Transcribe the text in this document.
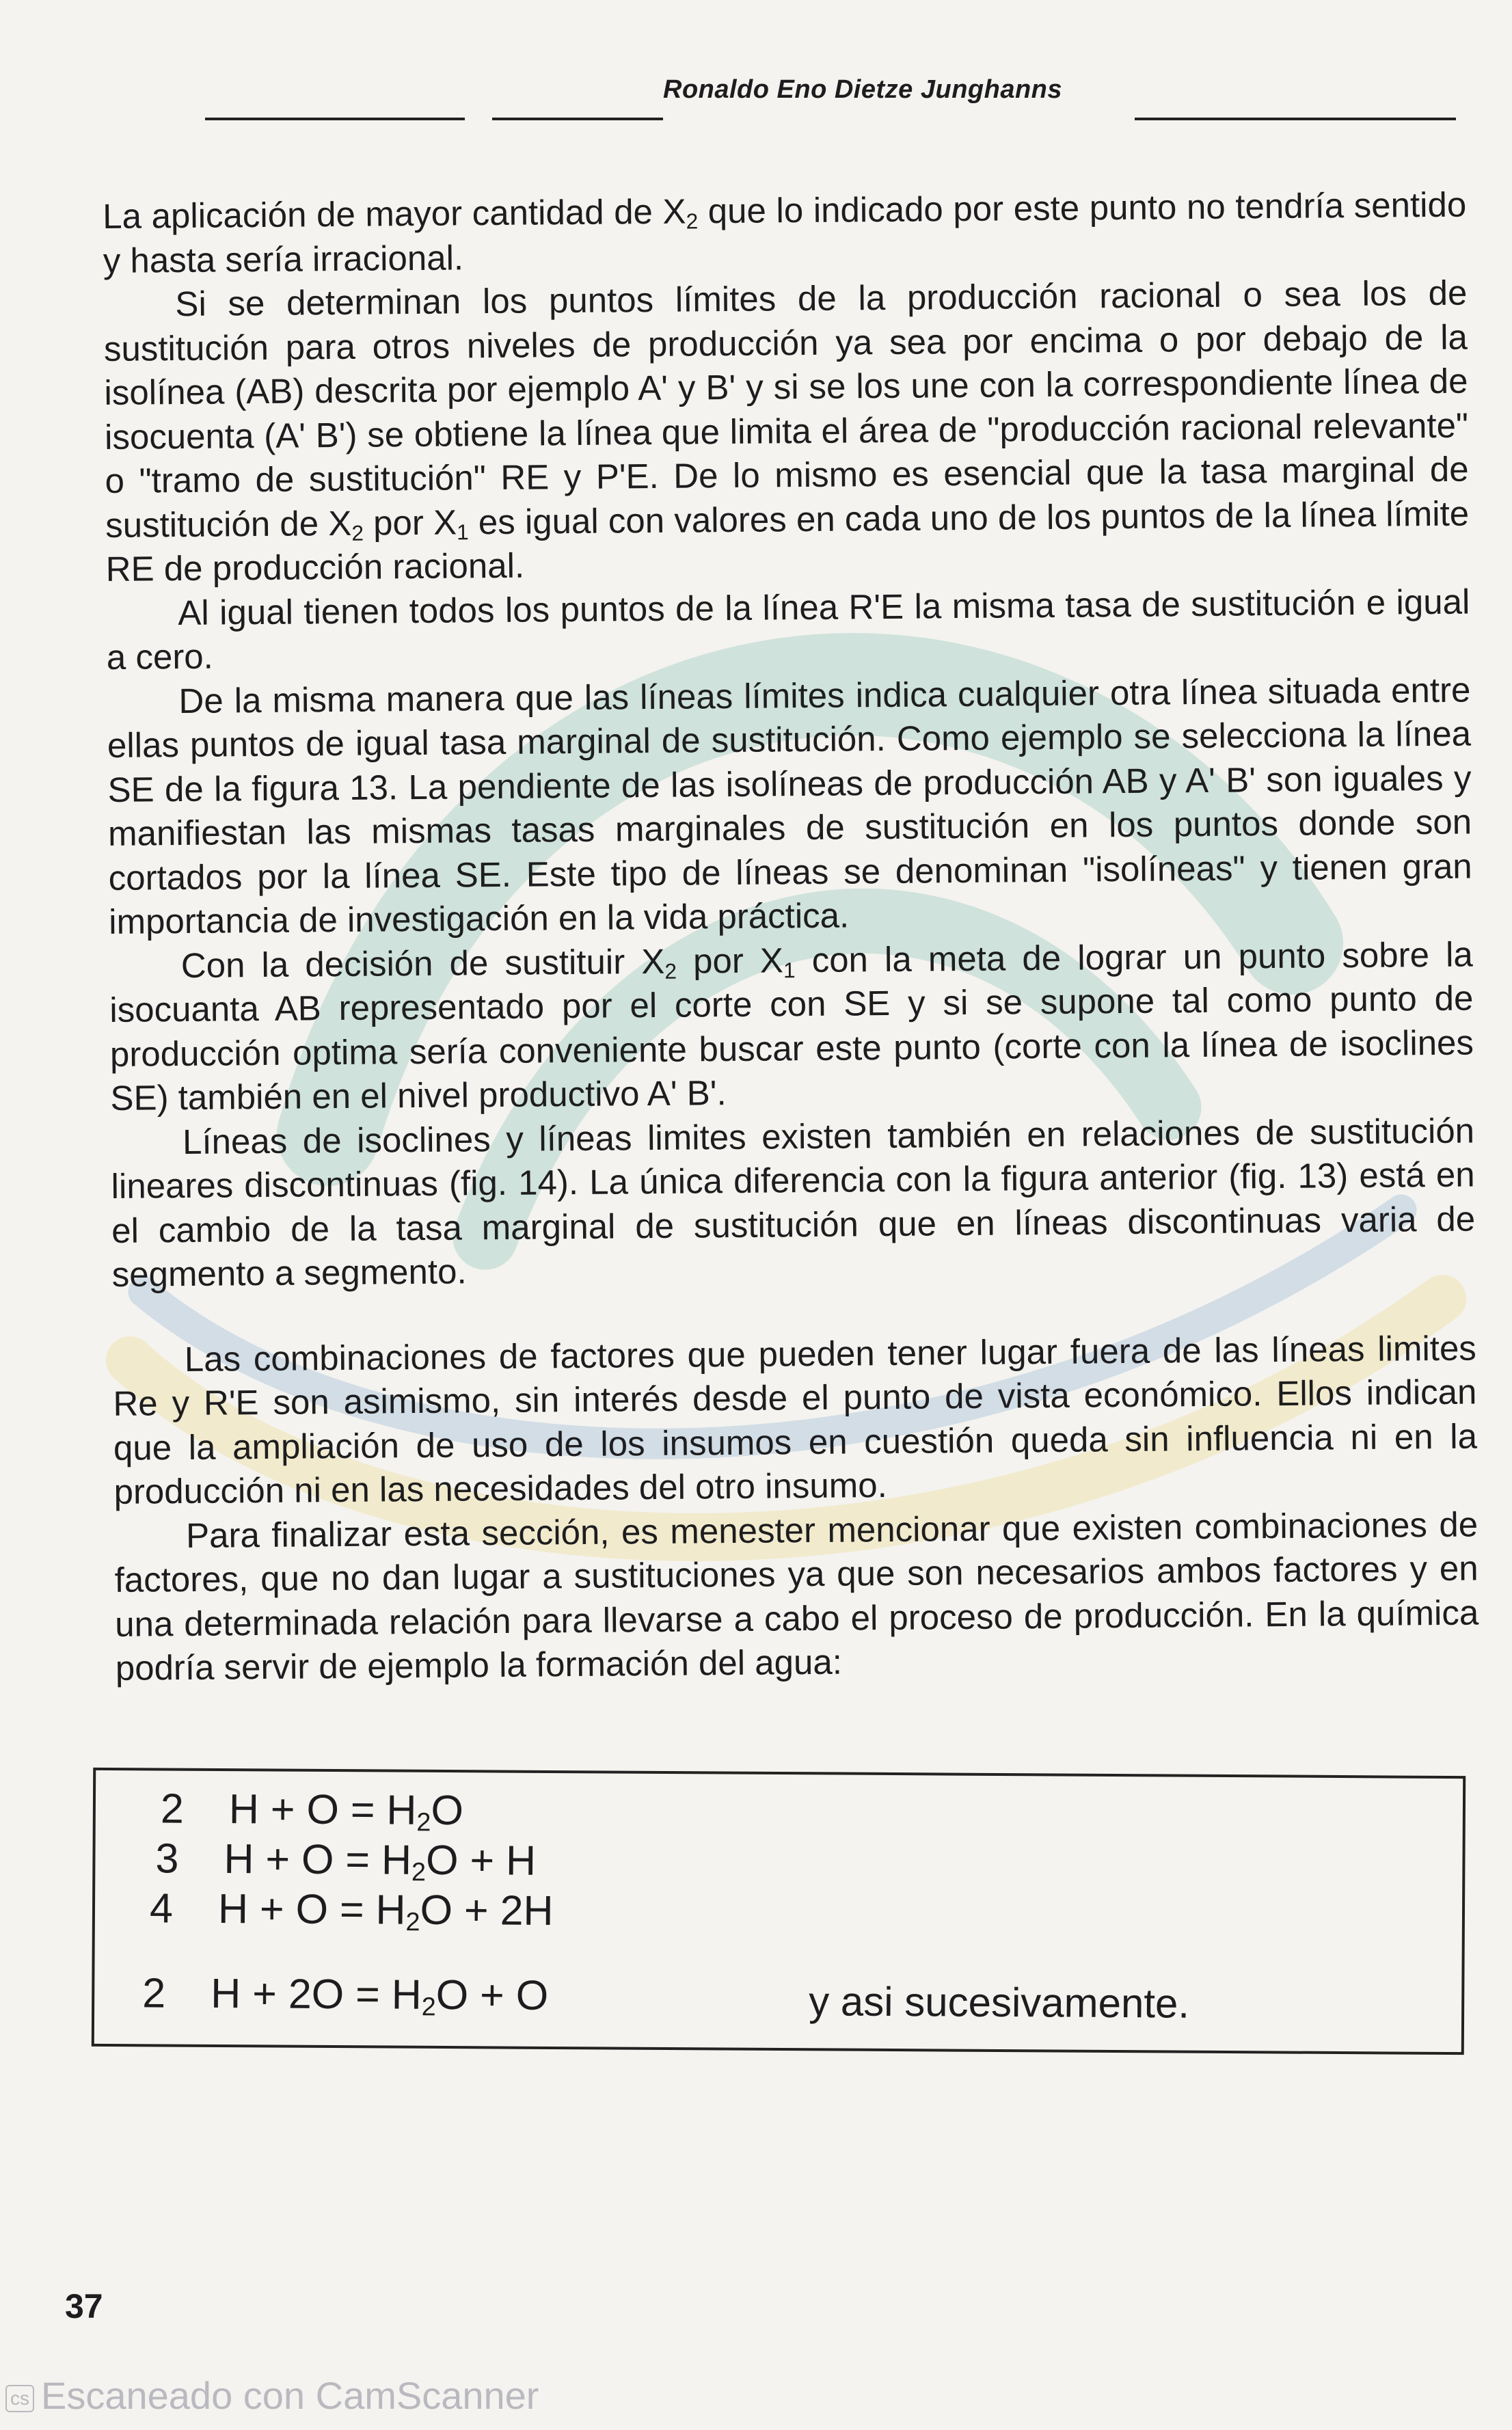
Ronaldo Eno Dietze Junghanns

La aplicación de mayor cantidad de $X_2$ que lo indicado por este punto no tendría sentido y hasta sería irracional.

Si se determinan los puntos límites de la producción racional o sea los de sustitución para otros niveles de producción ya sea por encima o por debajo de la isolínea (AB) descrita por ejemplo A' y B' y si se los une con la correspondiente línea de isocuenta (A' B') se obtiene la línea que limita el área de "producción racional relevante" o "tramo de sustitución" RE y P'E. De lo mismo es esencial que la tasa marginal de sustitución de $X_2$ por $X_1$ es igual con valores en cada uno de los puntos de la línea límite RE de producción racional.

Al igual tienen todos los puntos de la línea R'E la misma tasa de sustitución e igual a cero.

De la misma manera que las líneas límites indica cualquier otra línea situada entre ellas puntos de igual tasa marginal de sustitución. Como ejemplo se selecciona la línea SE de la figura 13. La pendiente de las isolíneas de producción AB y A' B' son iguales y manifiestan las mismas tasas marginales de sustitución en los puntos donde son cortados por la línea SE. Este tipo de líneas se denominan "isolíneas" y tienen gran importancia de investigación en la vida práctica.

Con la decisión de sustituir $X_2$ por $X_1$ con la meta de lograr un punto sobre la isocuanta AB representado por el corte con SE y si se supone tal como punto de producción optima sería conveniente buscar este punto (corte con la línea de isoclines SE) también en el nivel productivo A' B'.

Líneas de isoclines y líneas limites existen también en relaciones de sustitución lineares discontinuas (fig. 14). La única diferencia con la figura anterior (fig. 13) está en el cambio de la tasa marginal de sustitución que en líneas discontinuas varia de segmento a segmento.

Las combinaciones de factores que pueden tener lugar fuera de las líneas limites Re y R'E son asimismo, sin interés desde el punto de vista económico. Ellos indican que la ampliación de uso de los insumos en cuestión queda sin influencia ni en la producción ni en las necesidades del otro insumo.

Para finalizar esta sección, es menester mencionar que existen combinaciones de factores, que no dan lugar a sustituciones ya que son necesarios ambos factores y en una determinada relación para llevarse a cabo el proceso de producción. En la química podría servir de ejemplo la formación del agua:

2 $H + O = H_2O$
3 $H + O = H_2O + H$
4 $H + O = H_2O + 2H$
2 $H + 2O = H_2O + O$	y asi sucesivamente.
37
cs Escaneado con CamScanner
